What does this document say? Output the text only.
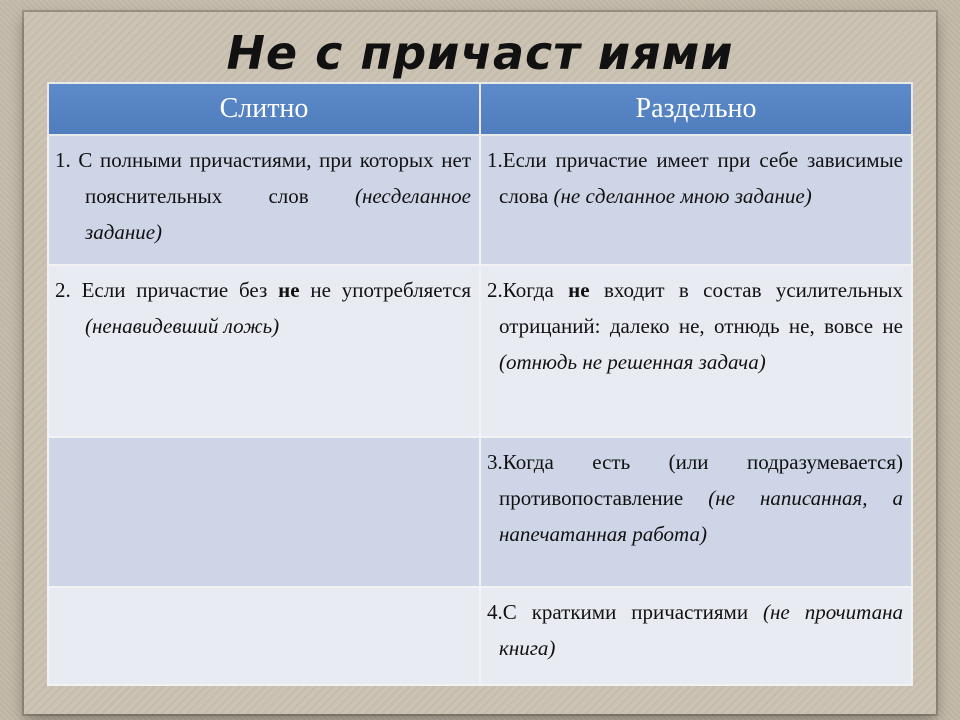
Не с причаст иями
Слитно	Раздельно
1. С полными причастиями, при которых нет пояснительных слов (несделанное задание)	1.Если причастие имеет при себе зависимые слова (не сделанное мною задание)
2. Если причастие без не не употребляется (ненавидевший ложь)	2.Когда не входит в состав усилительных отрицаний: далеко не, отнюдь не, вовсе не (отнюдь не решенная задача)
	3.Когда есть (или подразумевается) противопоставление (не написанная, а напечатанная работа)
	4.С краткими причастиями (не прочитана книга)
